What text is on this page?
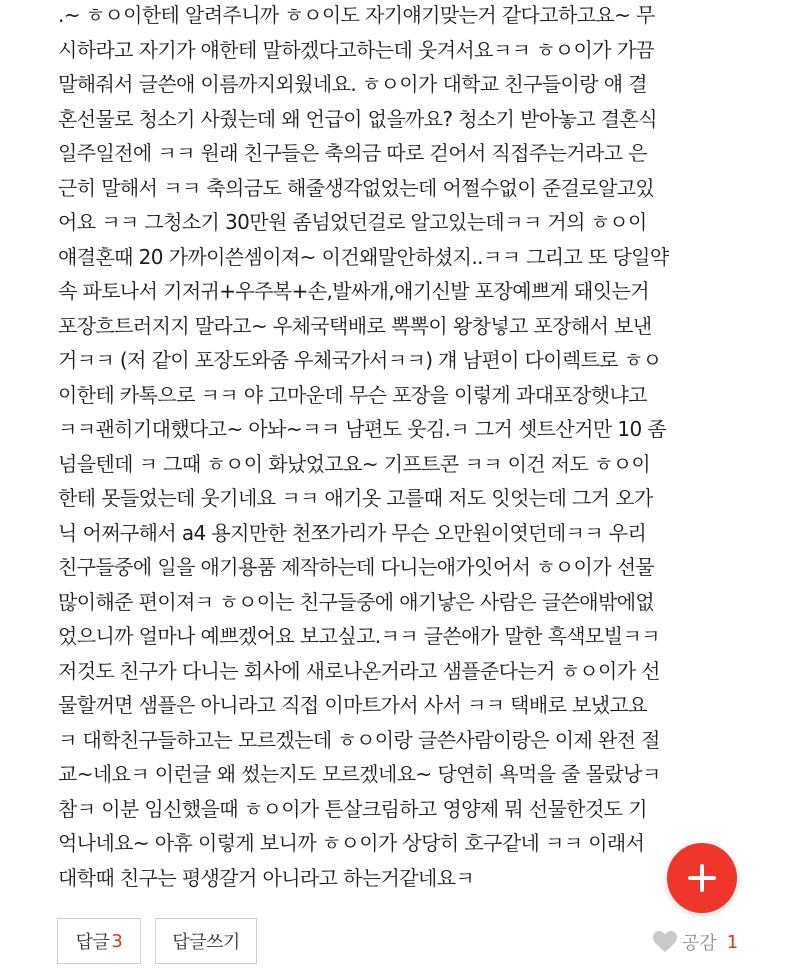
.~ ㅎㅇ이한테 알려주니까 ㅎㅇ이도 자기얘기맞는거 같다고하고요~ 무
시하라고 자기가 얘한테 말하겠다고하는데 웃겨서요ㅋㅋ ㅎㅇ이가 가끔
말해줘서 글쓴애 이름까지외웠네요. ㅎㅇ이가 대학교 친구들이랑 얘 결
혼선물로 청소기 사줬는데 왜 언급이 없을까요? 청소기 받아놓고 결혼식
일주일전에 ㅋㅋ 원래 친구들은 축의금 따로 걷어서 직접주는거라고 은
근히 말해서 ㅋㅋ 축의금도 해줄생각없었는데 어쩔수없이 준걸로알고있
어요 ㅋㅋ 그청소기 30만원 좀넘었던걸로 알고있는데ㅋㅋ 거의 ㅎㅇ이
얘결혼때 20 가까이쓴셈이져~ 이건왜말안하셨지..ㅋㅋ 그리고 또 당일약
속 파토나서 기저귀+우주복+손,발싸개,애기신발 포장예쁘게 돼잇는거
포장흐트러지지 말라고~ 우체국택배로 뽁뽁이 왕창넣고 포장해서 보낸
거ㅋㅋ (저 같이 포장도와줌 우체국가서ㅋㅋ) 걔 남편이 다이렉트로 ㅎㅇ
이한테 카톡으로 ㅋㅋ 야 고마운데 무슨 포장을 이렇게 과대포장햇냐고
ㅋㅋ괜히기대했다고~ 아놔~ㅋㅋ 남편도 웃김.ㅋ 그거 셋트산거만 10 좀
넘을텐데 ㅋ 그때 ㅎㅇ이 화났었고요~ 기프트콘 ㅋㅋ 이건 저도 ㅎㅇ이
한테 못들었는데 웃기네요 ㅋㅋ 애기옷 고를때 저도 잇엇는데 그거 오가
닉 어쩌구해서 a4 용지만한 천쪼가리가 무슨 오만원이엿던데ㅋㅋ 우리
친구들중에 일을 애기용품 제작하는데 다니는애가잇어서 ㅎㅇ이가 선물
많이해준 편이져ㅋ ㅎㅇ이는 친구들중에 애기낳은 사람은 글쓴애밖에없
었으니까 얼마나 예쁘겠어요 보고싶고.ㅋㅋ 글쓴애가 말한 흑색모빌ㅋㅋ
저것도 친구가 다니는 회사에 새로나온거라고 샘플준다는거 ㅎㅇ이가 선
물할꺼면 샘플은 아니라고 직접 이마트가서 사서 ㅋㅋ 택배로 보냈고요
ㅋ 대학친구들하고는 모르겠는데 ㅎㅇ이랑 글쓴사람이랑은 이제 완전 절
교~네요ㅋ 이런글 왜 썼는지도 모르겠네요~ 당연히 욕먹을 줄 몰랐낭ㅋ
참ㅋ 이분 임신했을때 ㅎㅇ이가 튼살크림하고 영양제 뭐 선물한것도 기
억나네요~ 아휴 이렇게 보니까 ㅎㅇ이가 상당히 호구같네 ㅋㅋ 이래서
대학때 친구는 평생갈거 아니라고 하는거같네요ㅋ
답글 3	답글쓰기	공감 1
